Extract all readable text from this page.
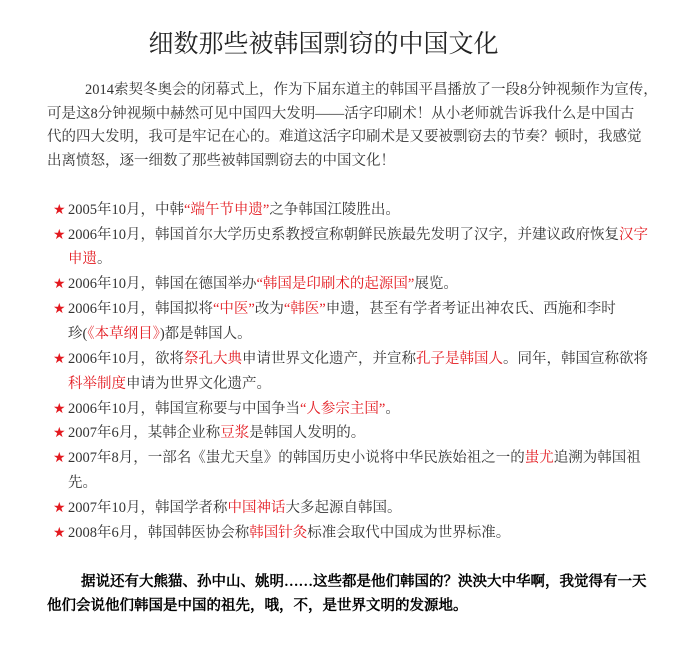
细数那些被韩国剽窃的中国文化
2014索契冬奥会的闭幕式上，作为下届东道主的韩国平昌播放了一段8分钟视频作为宣传，
可是这8分钟视频中赫然可见中国四大发明——活字印刷术！从小老师就告诉我什么是中国古
代的四大发明，我可是牢记在心的。难道这活字印刷术是又要被剽窃去的节奏？顿时，我感觉
出离愤怒，逐一细数了那些被韩国剽窃去的中国文化！
★ 2005年10月，中韩“端午节申遗”之争韩国江陵胜出。
★ 2006年10月，韩国首尔大学历史系教授宣称朝鲜民族最先发明了汉字，并建议政府恢复汉字
申遗。
★ 2006年10月，韩国在德国举办“韩国是印刷术的起源国”展览。
★ 2006年10月，韩国拟将“中医”改为“韩医”申遗，甚至有学者考证出神农氏、西施和李时
珍(《本草纲目》)都是韩国人。
★ 2006年10月，欲将祭孔大典申请世界文化遗产，并宣称孔子是韩国人。同年，韩国宣称欲将
科举制度申请为世界文化遗产。
★ 2006年10月，韩国宣称要与中国争当“人参宗主国”。
★ 2007年6月，某韩企业称豆浆是韩国人发明的。
★ 2007年8月，一部名《蚩尤天皇》的韩国历史小说将中华民族始祖之一的蚩尤追溯为韩国祖
先。
★ 2007年10月，韩国学者称中国神话大多起源自韩国。
★ 2008年6月，韩国韩医协会称韩国针灸标准会取代中国成为世界标准。
据说还有大熊猫、孙中山、姚明……这些都是他们韩国的？泱泱大中华啊，我觉得有一天
他们会说他们韩国是中国的祖先，哦，不，是世界文明的发源地。
